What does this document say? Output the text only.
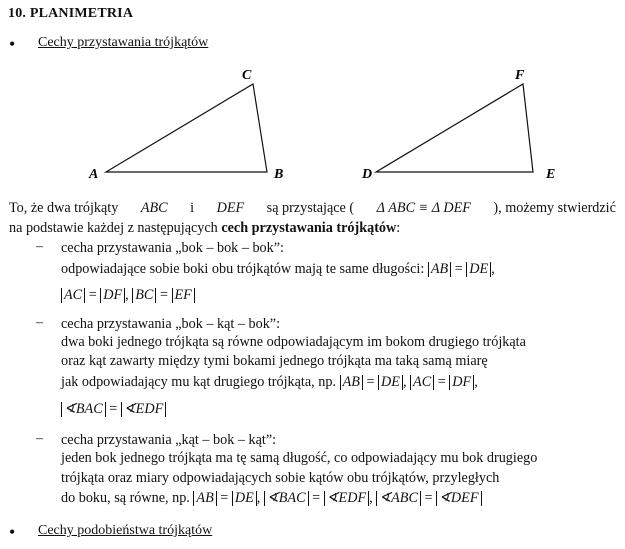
10. PLANIMETRIA
• Cechy przystawania trójkątów
A	B
C
D	E
F
To, że dwa trójkąty ABC i DEF są przystające ( Δ ABC ≡ Δ DEF ), możemy stwierdzić
na podstawie każdej z następujących cech przystawania trójkątów:
– cecha przystawania „bok – bok – bok”:
odpowiadające sobie boki obu trójkątów mają te same długości: AB = DE ,
AC = DF , BC = EF
– cecha przystawania „bok – kąt – bok”:
dwa boki jednego trójkąta są równe odpowiadającym im bokom drugiego trójkąta
oraz kąt zawarty między tymi bokami jednego trójkąta ma taką samą miarę
jak odpowiadający mu kąt drugiego trójkąta, np. AB = DE , AC = DF ,
∢BAC = ∢EDF
– cecha przystawania „kąt – bok – kąt”:
jeden bok jednego trójkąta ma tę samą długość, co odpowiadający mu bok drugiego
trójkąta oraz miary odpowiadających sobie kątów obu trójkątów, przyległych
do boku, są równe, np. AB = DE , ∢BAC = ∢EDF , ∢ABC = ∢DEF
• Cechy podobieństwa trójkątów
